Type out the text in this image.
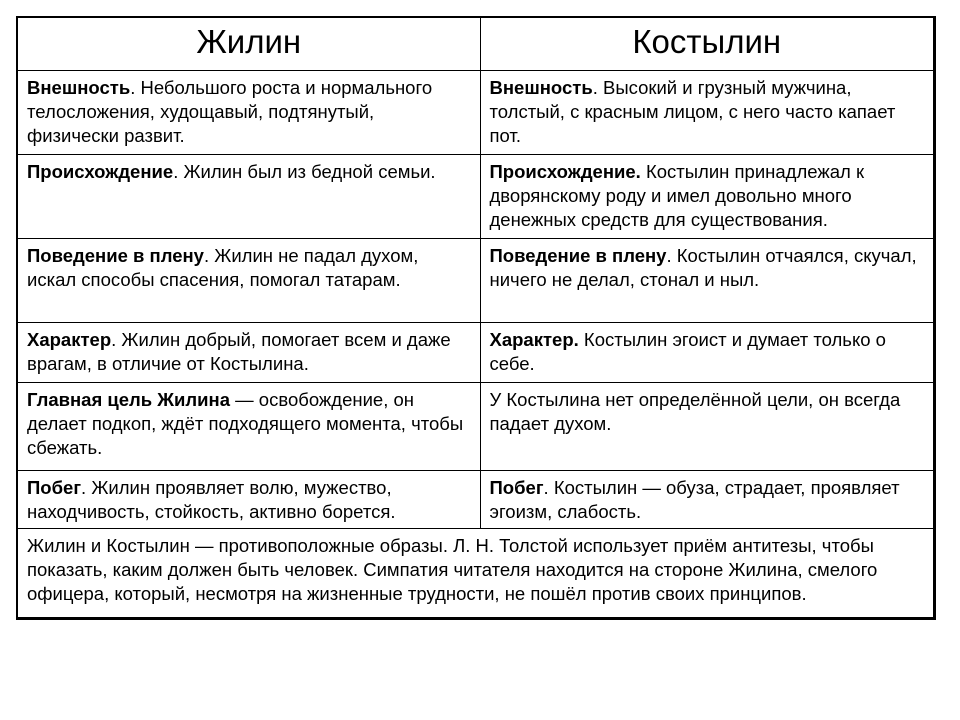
Жилин	Костылин
Внешность. Небольшого роста и нормального телосложения, худощавый, подтянутый, физически развит.	Внешность. Высокий и грузный мужчина, толстый, с красным лицом, с него часто капает пот.
Происхождение. Жилин был из бедной семьи.	Происхождение. Костылин принадлежал к дворянскому роду и имел довольно много денежных средств для существования.
Поведение в плену. Жилин не падал духом, искал способы спасения, помогал татарам.	Поведение в плену. Костылин отчаялся, скучал, ничего не делал, стонал и ныл.
Характер. Жилин добрый, помогает всем и даже врагам, в отличие от Костылина.	Характер. Костылин эгоист и думает только о себе.
Главная цель Жилина — освобождение, он делает подкоп, ждёт подходящего момента, чтобы сбежать.	У Костылина нет определённой цели, он всегда падает духом.
Побег. Жилин проявляет волю, мужество, находчивость, стойкость, активно борется.	Побег. Костылин — обуза, страдает, проявляет эгоизм, слабость.
Жилин и Костылин — противоположные образы. Л. Н. Толстой использует приём антитезы, чтобы показать, каким должен быть человек. Симпатия читателя находится на стороне Жилина, смелого офицера, который, несмотря на жизненные трудности, не пошёл против своих принципов.	
